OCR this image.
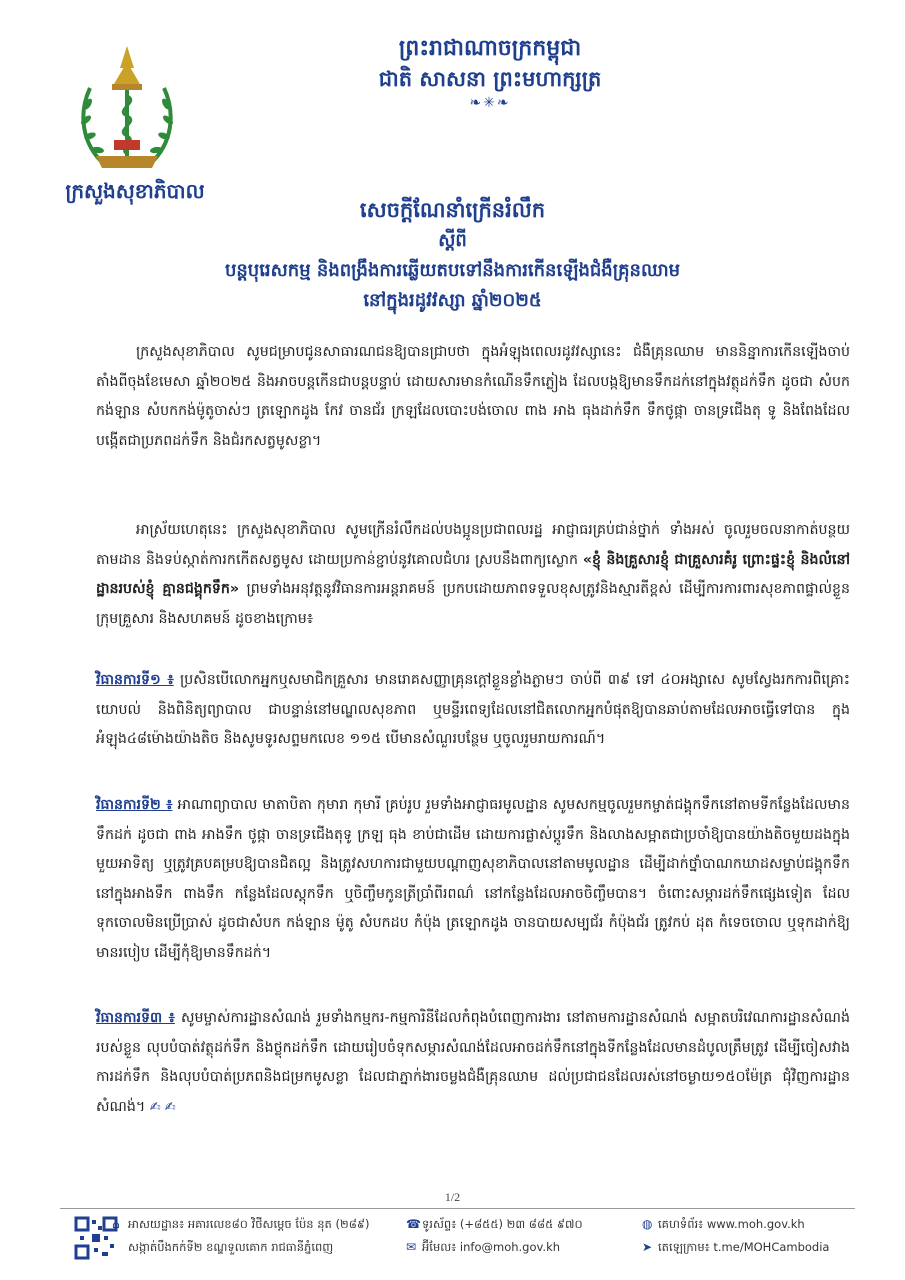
ព្រះរាជាណាចក្រកម្ពុជា
ជាតិ សាសនា ព្រះមហាក្សត្រ
❧✳❧
ក្រសួងសុខាភិបាល
សេចក្តីណែនាំក្រើនរំលឹក
ស្តីពី
បន្តបុរេសកម្ម និងពង្រឹងការឆ្លើយតបទៅនឹងការកើនឡើងជំងឺគ្រុនឈាម
នៅក្នុងរដូវវស្សា ឆ្នាំ២០២៥
ក្រសួងសុខាភិបាល សូមជម្រាបជូនសាធារណជនឱ្យបានជ្រាបថា ក្នុងអំឡុងពេលរដូវវស្សានេះ ជំងឺគ្រុនឈាម មាននិន្នាការកើនឡើងចាប់តាំងពីចុងខែមេសា ឆ្នាំ២០២៥ និងអាចបន្តកើនជាបន្តបន្ទាប់ ដោយសារមានកំណើនទឹកភ្លៀង ដែលបង្កឱ្យមានទឹកដក់នៅក្នុងវត្ថុដក់ទឹក ដូចជា សំបកកង់ឡាន សំបកកង់ម៉ូតូចាស់ៗ ត្រឡោកដូង កែវ ចានជ័រ ក្រឡដែលបោះបង់ចោល ពាង អាង ធុងដាក់ទឹក ទឹកថូផ្កា ចានទ្រជើងតុ ទូ និងពែងដែលបង្កើតជាប្រភពដក់ទឹក និងជំរកសត្វមូសខ្លា។
អាស្រ័យហេតុនេះ ក្រសួងសុខាភិបាល សូមក្រើនរំលឹកដល់បងប្អូនប្រជាពលរដ្ឋ អាជ្ញាធរគ្រប់ជាន់ថ្នាក់ ទាំងអស់ ចូលរួមចលនាកាត់បន្ថយ តាមដាន និងទប់ស្កាត់ការកកើតសត្វមូស ដោយប្រកាន់ខ្ជាប់នូវគោលជំហរ ស្របនឹងពាក្យស្លោក «ខ្ញុំ និងគ្រួសារខ្ញុំ ជាគ្រួសារគំរូ ព្រោះផ្ទះខ្ញុំ និងលំនៅដ្ឋានរបស់ខ្ញុំ គ្មានជង្គុកទឹក» ព្រមទាំងអនុវត្តនូវវិធានការអន្តរាគមន៍ ប្រកបដោយភាពទទួលខុសត្រូវនិងស្មារតីខ្ពស់ ដើម្បីការការពារសុខភាពផ្ទាល់ខ្លួន ក្រុមគ្រួសារ និងសហគមន៍ ដូចខាងក្រោម៖
វិធានការទី១ ៖ ប្រសិនបើលោកអ្នកឬសមាជិកគ្រួសារ មានរោគសញ្ញាគ្រុនក្តៅខ្លួនខ្លាំងភ្លាមៗ ចាប់ពី ៣៩ ទៅ ៤០អង្សាសេ សូមស្វែងរកការពិគ្រោះយោបល់ និងពិនិត្យព្យាបាល ជាបន្ទាន់នៅមណ្ឌលសុខភាព ឬមន្ទីរពេទ្យដែលនៅជិតលោកអ្នកបំផុតឱ្យបានឆាប់តាមដែលអាចធ្វើទៅបាន ក្នុងអំឡុង៤៨ម៉ោងយ៉ាងតិច និងសូមទូរសព្ទមកលេខ ១១៥ បើមានសំណួរបន្ថែម ឬចូលរួមរាយការណ៍។
វិធានការទី២ ៖ អាណាព្យាបាល មាតាបិតា កុមារា កុមារី គ្រប់រូប រួមទាំងអាជ្ញាធរមូលដ្ឋាន សូមសកម្មចូលរួមកម្ចាត់ជង្គុកទឹកនៅតាមទីកន្លែងដែលមានទឹកដក់ ដូចជា ពាង អាងទឹក ថូផ្កា ចានទ្រជើងតុទូ ក្រឡ ធុង ខាប់ជាដើម ដោយការផ្លាស់ប្តូរទឹក និងលាងសម្អាតជាប្រចាំឱ្យបានយ៉ាងតិចមួយដងក្នុងមួយអាទិត្យ ឬត្រូវគ្របគម្របឱ្យបានជិតល្អ និងត្រូវសហការជាមួយបណ្តាញសុខាភិបាលនៅតាមមូលដ្ឋាន ដើម្បីដាក់ថ្នាំបាណកឃាដសម្លាប់ជង្គុកទឹក នៅក្នុងអាងទឹក ពាងទឹក កន្លែងដែលស្តុកទឹក ឬចិញ្ចឹមកូនត្រីប្រាំពីរពណ៌ នៅកន្លែងដែលអាចចិញ្ចឹមបាន។ ចំពោះសម្ភារដក់ទឹកផ្សេងទៀត ដែលទុកចោលមិនប្រើប្រាស់ ដូចជាសំបក កង់ឡាន ម៉ូតូ សំបកដប កំប៉ុង ត្រឡោកដូង ចានបាយសម្បជ័រ កំប៉ុងជ័រ ត្រូវកប់ ដុត កំទេចចោល ឬទុកដាក់ឱ្យមានរបៀប ដើម្បីកុំឱ្យមានទឹកដក់។
វិធានការទី៣ ៖ សូមម្ចាស់ការដ្ឋានសំណង់ រួមទាំងកម្មករ-កម្មការិនីដែលកំពុងបំពេញការងារ នៅតាមការដ្ឋានសំណង់ សម្អាតបរិវេណការដ្ឋានសំណង់របស់ខ្លួន លុបបំបាត់វត្ថុដក់ទឹក និងថ្លុកដក់ទឹក ដោយរៀបចំទុកសម្ភារសំណង់ដែលអាចដក់ទឹកនៅក្នុងទីកន្លែងដែលមានដំបូលត្រឹមត្រូវ ដើម្បីចៀសវាងការដក់ទឹក និងលុបបំបាត់ប្រភពនិងជម្រកមូសខ្លា ដែលជាភ្នាក់ងារចម្លងជំងឺគ្រុនឈាម ដល់ប្រជាជនដែលរស់នៅចម្ងាយ១៥០ម៉ែត្រ ជុំវិញការដ្ឋានសំណង់។ ✍ ✍
1/2
⌂ អាសយដ្ឋាន៖ អគារលេខ៨០ វិថីសម្តេច ប៉ែន នុត (២៨៩)
សង្កាត់បឹងកក់ទី២ ខណ្ឌទួលគោក រាជធានីភ្នំពេញ
☎
✉
ទូរស័ព្ទ៖ (+៨៥៥) ២៣ ៨៨៥ ៩៧០
អ៊ីមែល៖ info@moh.gov.kh
◍
➤
គេហទំព័រ៖ www.moh.gov.kh
តេឡេក្រាម៖ t.me/MOHCambodia
